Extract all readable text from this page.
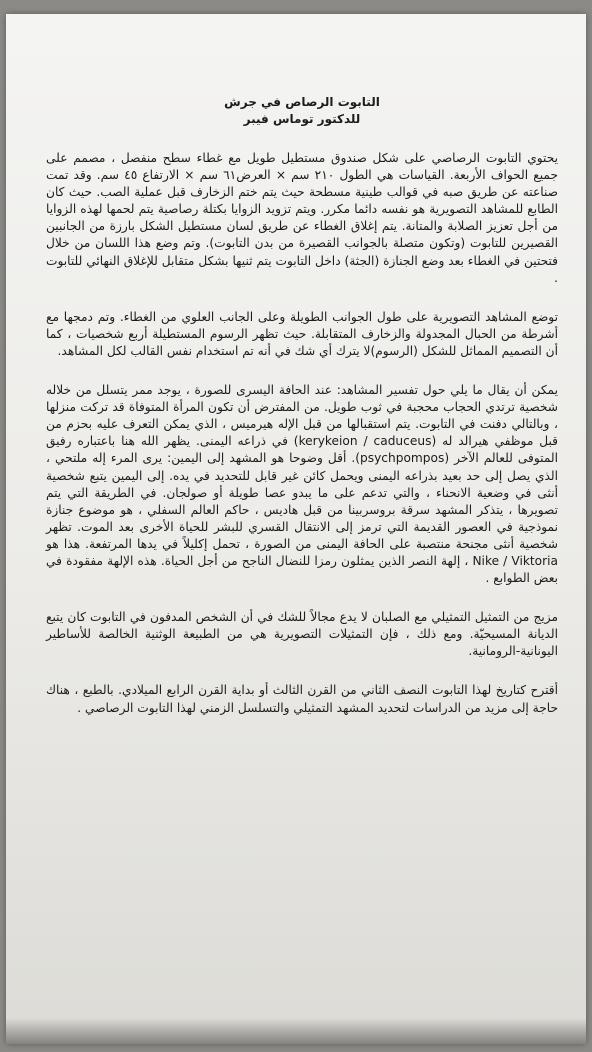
التابوت الرصاص في جرش
للدكتور توماس فيبر

يحتوي التابوت الرصاصي على شكل صندوق مستطيل طويل مع غطاء سطح منفصل ، مصمم على جميع الحواف الأربعة. القياسات هي الطول ٢١٠ سم × العرض٦١ سم × الارتفاع ٤٥ سم. وقد تمت صناعته عن طريق صبه في قوالب طينية مسطحة حيث يتم ختم الزخارف قبل عملية الصب. حيث كان الطابع للمشاهد التصويرية هو نفسه دائما مكرر. ويتم تزويد الزوايا بكتلة رصاصية يتم لحمها لهذه الزوايا من أجل تعزيز الصلابة والمتانة. يتم إغلاق الغطاء عن طريق لسان مستطيل الشكل بارزة من الجانبين القصيرين للتابوت (وتكون متصلة بالجوانب القصيرة من بدن التابوت). وتم وضع هذا اللسان من خلال فتحتين في الغطاء بعد وضع الجنازة (الجثة) داخل التابوت يتم ثنيها بشكل متقابل للإغلاق النهائي للتابوت .

توضع المشاهد التصويرية على طول الجوانب الطويلة وعلى الجانب العلوي من الغطاء. وتم دمجها مع أشرطة من الحبال المجدولة والزخارف المتقابلة. حيث تظهر الرسوم المستطيلة أربع شخصيات ، كما أن التصميم المماثل للشكل (الرسوم)لا يترك أي شك في أنه تم استخدام نفس القالب لكل المشاهد.

يمكن أن يقال ما يلي حول تفسير المشاهد: عند الحافة اليسرى للصورة ، يوجد ممر يتسلل من خلاله شخصية ترتدي الحجاب محجبة في ثوب طويل. من المفترض أن تكون المرأة المتوفاة قد تركت منزلها ، وبالتالي دفنت في التابوت. يتم استقبالها من قبل الإله هيرميس ، الذي يمكن التعرف عليه بحزم من قبل موظفي هيرالد له (kerykeion / caduceus) في ذراعه اليمنى. يظهر الله هنا باعتباره رفيق المتوفى للعالم الآخر (psychpompos). أقل وضوحا هو المشهد إلى اليمين: يرى المرء إله ملتحي ، الذي يصل إلى حد بعيد بذراعه اليمنى ويحمل كائن غير قابل للتحديد في يده. إلى اليمين يتبع شخصية أنثى في وضعية الانحناء ، والتي تدعم على ما يبدو عصا طويلة أو صولجان. في الطريقة التي يتم تصويرها ، يتذكر المشهد سرقة بروسربينا من قبل هاديس ، حاكم العالم السفلي ، هو موضوع جنازة نموذجية في العصور القديمة التي ترمز إلى الانتقال القسري للبشر للحياة الأخرى بعد الموت. تظهر شخصية أنثى مجنحة منتصبة على الحافة اليمنى من الصورة ، تحمل إكليلاً في يدها المرتفعة. هذا هو Nike / Viktoria ، إلهة النصر الذين يمثلون رمزا للنضال الناجح من أجل الحياة. هذه الإلهة مفقودة في بعض الطوابع .

مزيج من التمثيل التمثيلي مع الصلبان لا يدع مجالاً للشك في أن الشخص المدفون في التابوت كان يتبع الديانة المسيحيّة. ومع ذلك ، فإن التمثيلات التصويرية هي من الطبيعة الوثنية الخالصة للأساطير اليونانية-الرومانية.

أقترح كتاريخ لهذا التابوت النصف الثاني من القرن الثالث أو بداية القرن الرابع الميلادي. بالطبع ، هناك حاجة إلى مزيد من الدراسات لتحديد المشهد التمثيلي والتسلسل الزمني لهذا التابوت الرصاصي .
